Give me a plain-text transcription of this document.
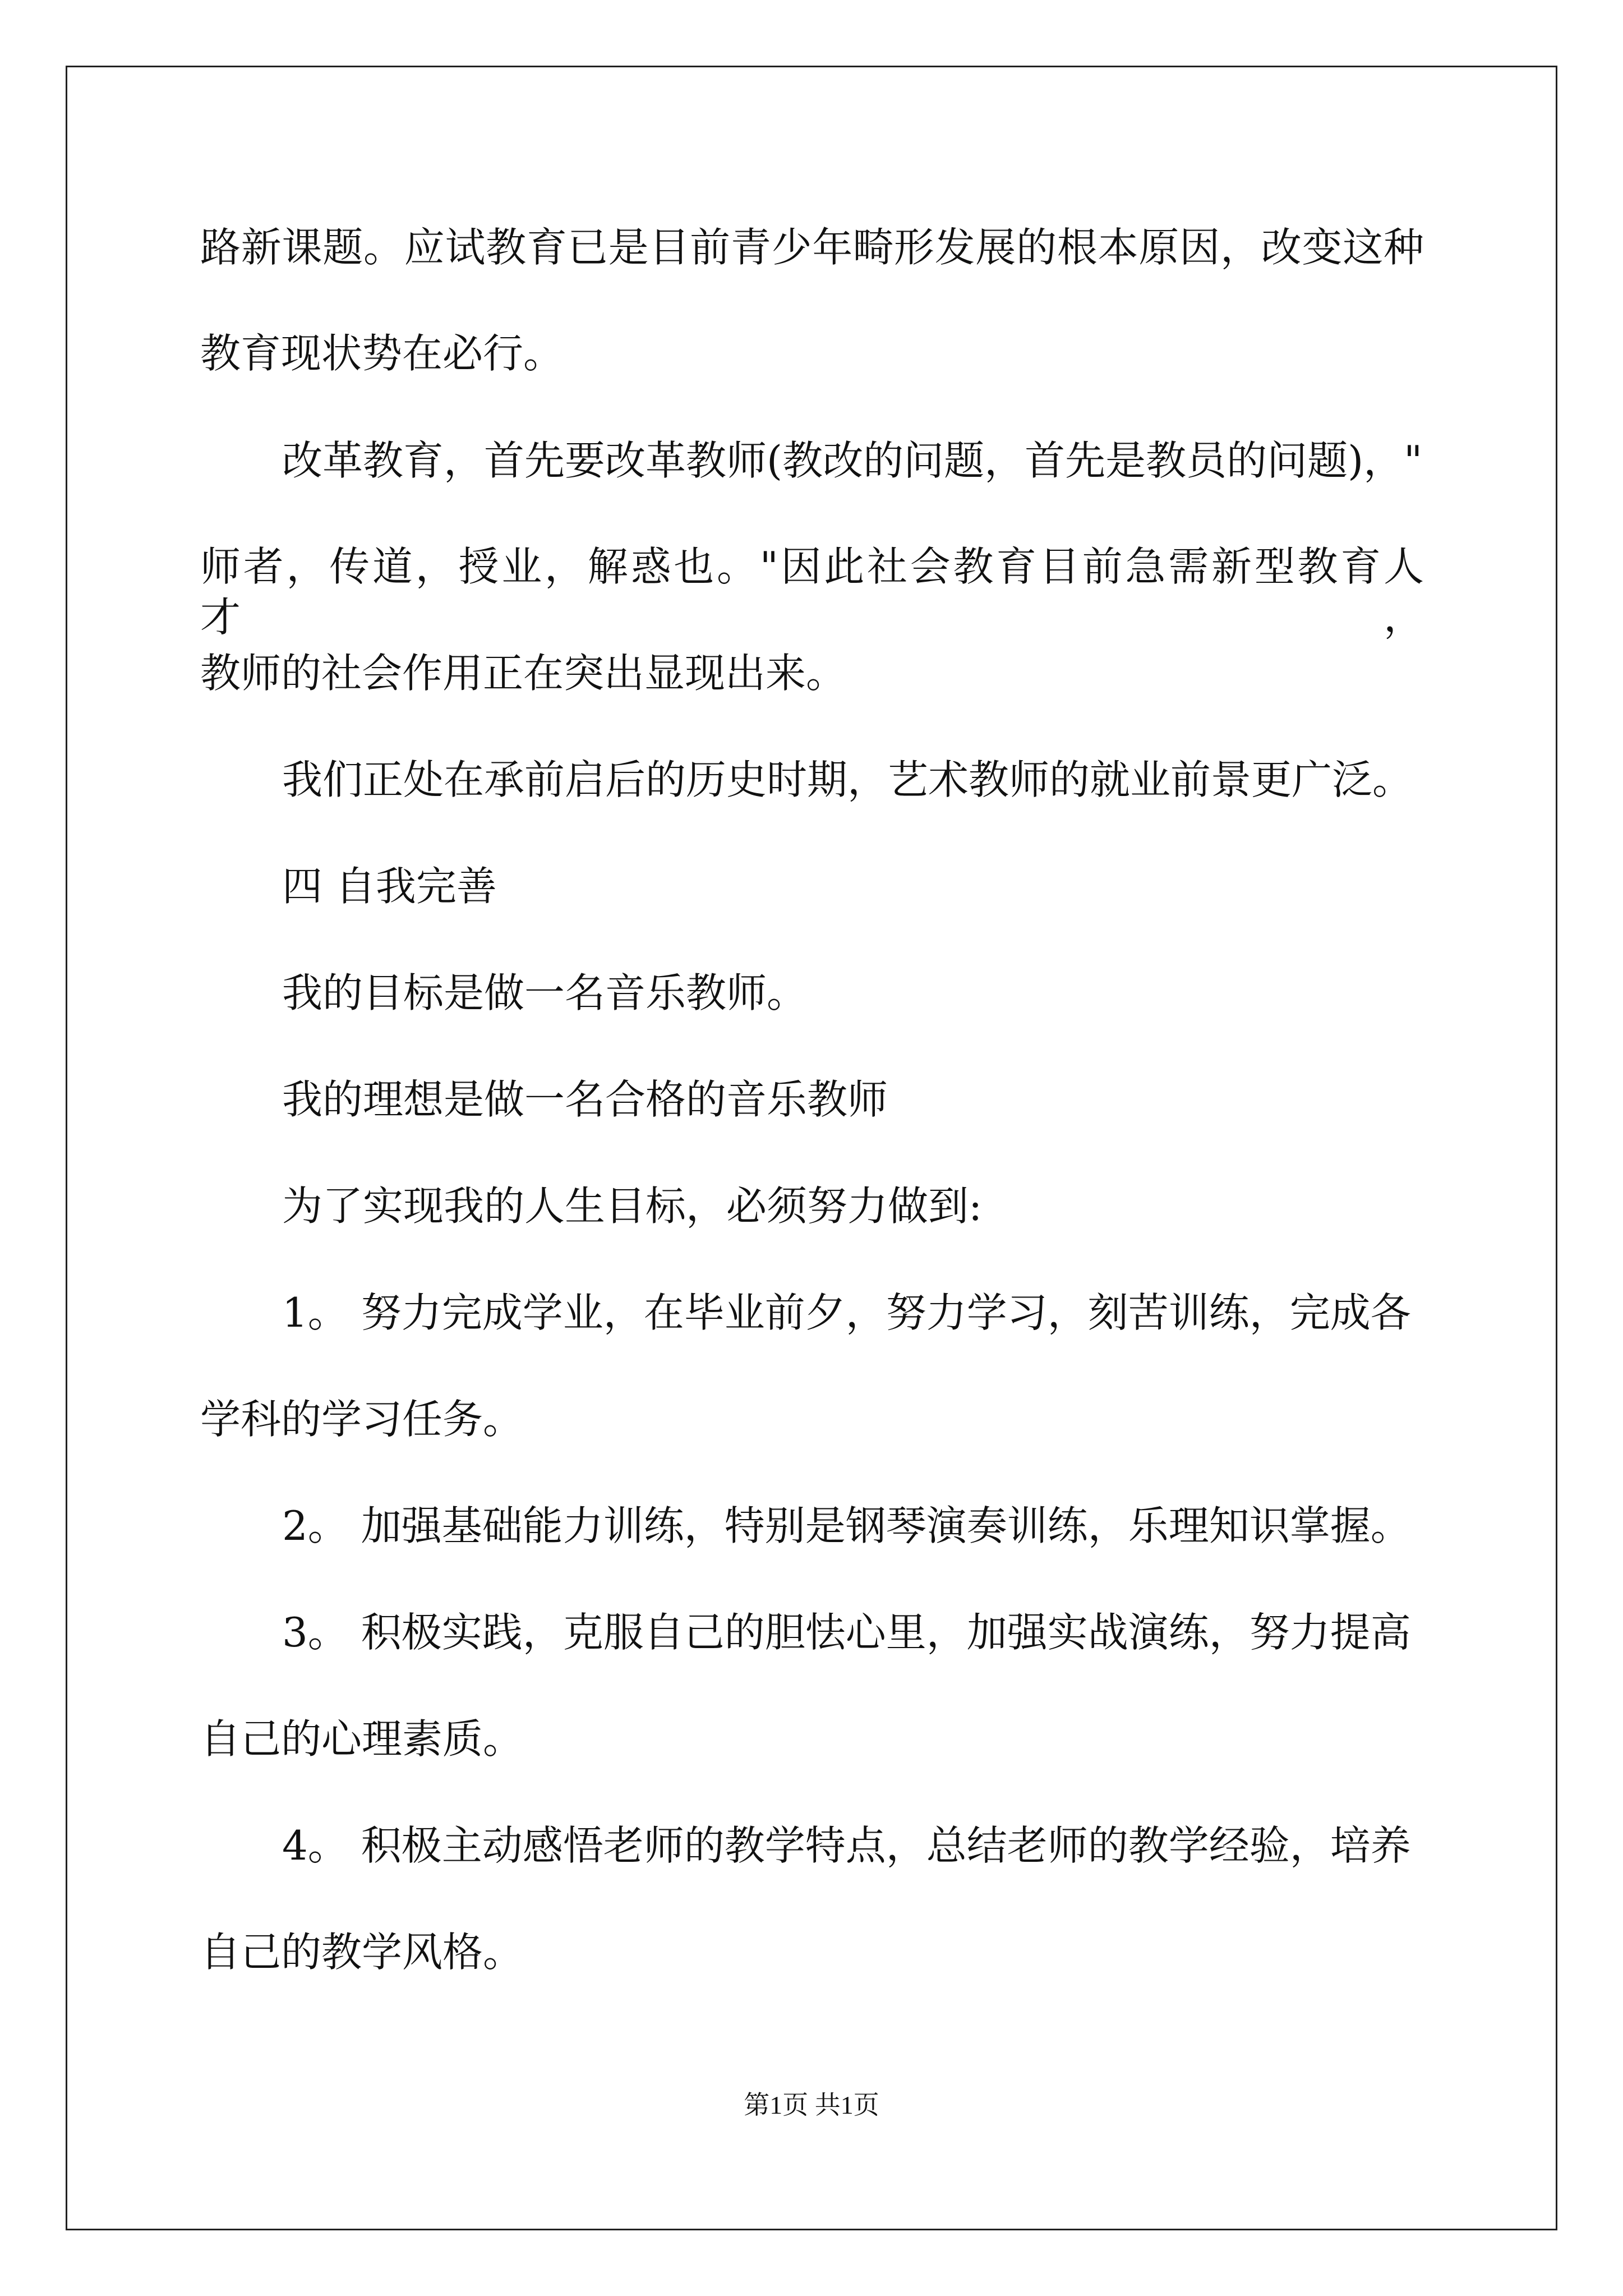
路新课题。应试教育已是目前青少年畸形发展的根本原因，改变这种
教育现状势在必行。
改革教育，首先要改革教师(教改的问题，首先是教员的问题)，"
师者，传道，授业，解惑也。"因此社会教育目前急需新型教育人才，
教师的社会作用正在突出显现出来。
我们正处在承前启后的历史时期，艺术教师的就业前景更广泛。
四 自我完善
我的目标是做一名音乐教师。
我的理想是做一名合格的音乐教师
为了实现我的人生目标，必须努力做到:
1。 努力完成学业，在毕业前夕，努力学习，刻苦训练，完成各
学科的学习任务。
2。 加强基础能力训练，特别是钢琴演奏训练，乐理知识掌握。
3。 积极实践，克服自己的胆怯心里，加强实战演练，努力提高
自己的心理素质。
4。 积极主动感悟老师的教学特点，总结老师的教学经验，培养
自己的教学风格。
第1页 共1页
